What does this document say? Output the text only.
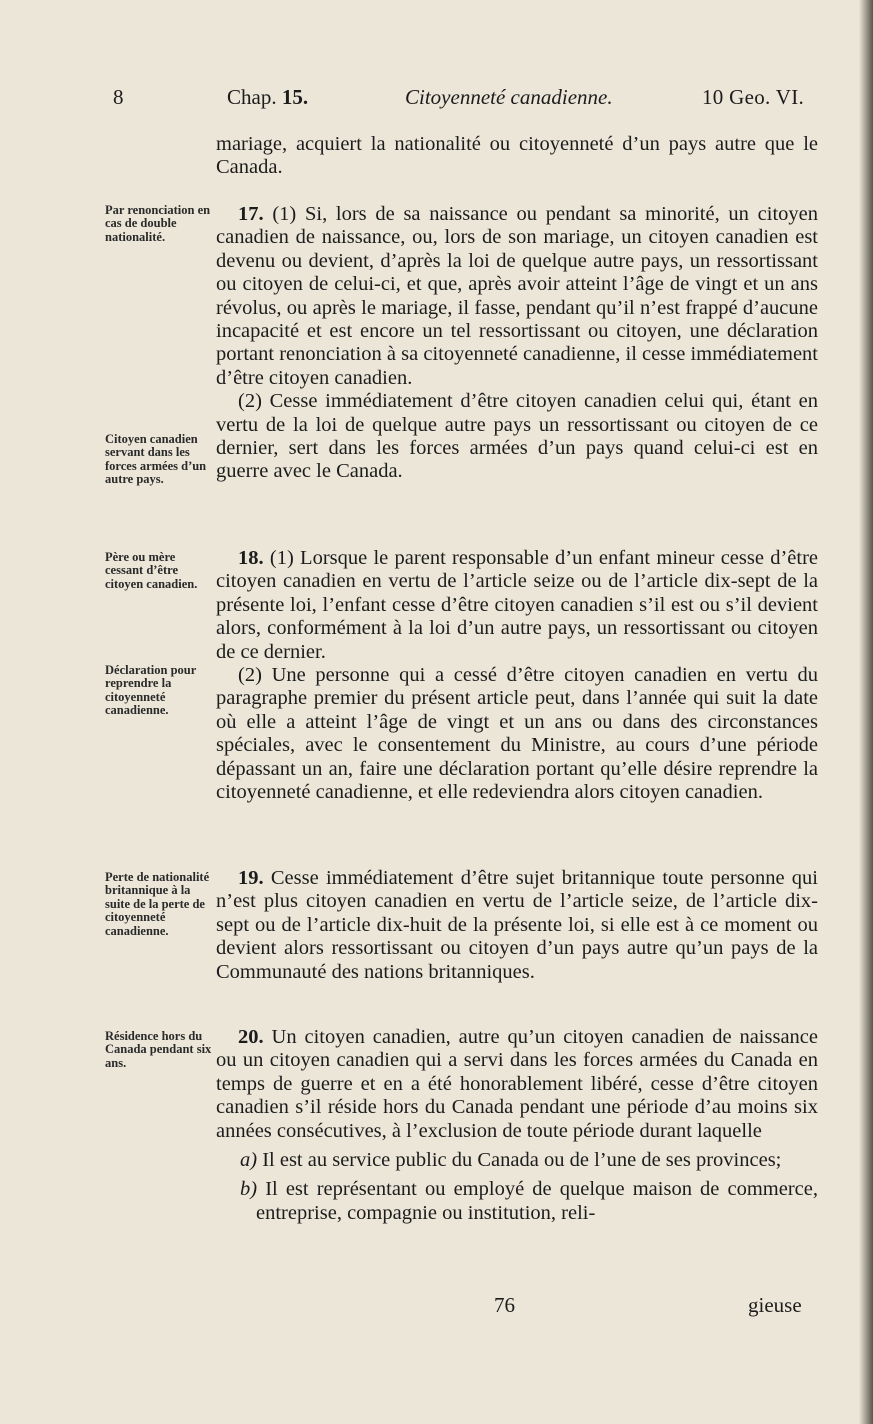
8	Chap. 15.	Citoyenneté canadienne.	10 Geo. VI.

mariage, acquiert la nationalité ou citoyenneté d’un pays autre que le Canada.

17. (1) Si, lors de sa naissance ou pendant sa minorité, un citoyen canadien de naissance, ou, lors de son mariage, un citoyen canadien est devenu ou devient, d’après la loi de quelque autre pays, un ressortissant ou citoyen de celui-ci, et que, après avoir atteint l’âge de vingt et un ans révolus, ou après le mariage, il fasse, pendant qu’il n’est frappé d’aucune incapacité et est encore un tel ressortissant ou citoyen, une déclaration portant renonciation à sa citoyenneté canadienne, il cesse immédiatement d’être citoyen canadien.

(2) Cesse immédiatement d’être citoyen canadien celui qui, étant en vertu de la loi de quelque autre pays un ressortissant ou citoyen de ce dernier, sert dans les forces armées d’un pays quand celui-ci est en guerre avec le Canada.

18. (1) Lorsque le parent responsable d’un enfant mineur cesse d’être citoyen canadien en vertu de l’article seize ou de l’article dix-sept de la présente loi, l’enfant cesse d’être citoyen canadien s’il est ou s’il devient alors, conformément à la loi d’un autre pays, un ressortissant ou citoyen de ce dernier.

(2) Une personne qui a cessé d’être citoyen canadien en vertu du paragraphe premier du présent article peut, dans l’année qui suit la date où elle a atteint l’âge de vingt et un ans ou dans des circonstances spéciales, avec le consentement du Ministre, au cours d’une période dépassant un an, faire une déclaration portant qu’elle désire reprendre la citoyenneté canadienne, et elle redeviendra alors citoyen canadien.

19. Cesse immédiatement d’être sujet britannique toute personne qui n’est plus citoyen canadien en vertu de l’article seize, de l’article dix-sept ou de l’article dix-huit de la présente loi, si elle est à ce moment ou devient alors ressortissant ou citoyen d’un pays autre qu’un pays de la Communauté des nations britanniques.

20. Un citoyen canadien, autre qu’un citoyen canadien de naissance ou un citoyen canadien qui a servi dans les forces armées du Canada en temps de guerre et en a été honorablement libéré, cesse d’être citoyen canadien s’il réside hors du Canada pendant une période d’au moins six années consécutives, à l’exclusion de toute période durant laquelle

a) Il est au service public du Canada ou de l’une de ses provinces;

b) Il est représentant ou employé de quelque maison de commerce, entreprise, compagnie ou institution, reli-

Par renonciation en cas de double nationalité.
Citoyen canadien servant dans les forces armées d’un autre pays.
Père ou mère cessant d’être citoyen canadien.
Déclaration pour reprendre la citoyenneté canadienne.
Perte de nationalité britannique à la suite de la perte de citoyenneté canadienne.
Résidence hors du Canada pendant six ans.
76	gieuse
